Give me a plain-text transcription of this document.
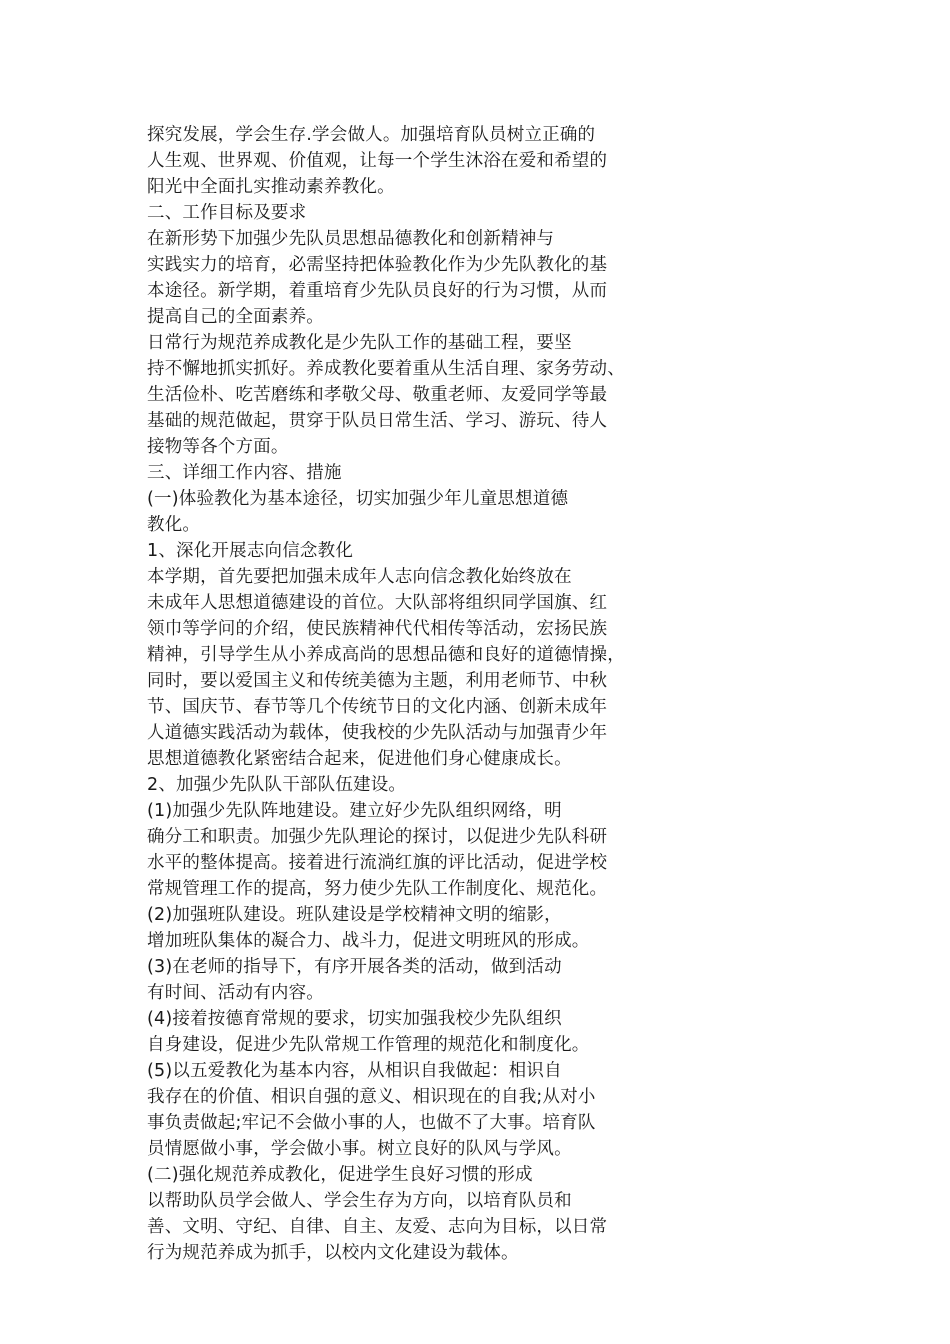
探究发展，学会生存.学会做人。加强培育队员树立正确的
人生观、世界观、价值观，让每一个学生沐浴在爱和希望的
阳光中全面扎实推动素养教化。
二、工作目标及要求
在新形势下加强少先队员思想品德教化和创新精神与
实践实力的培育，必需坚持把体验教化作为少先队教化的基
本途径。新学期，着重培育少先队员良好的行为习惯，从而
提高自己的全面素养。
日常行为规范养成教化是少先队工作的基础工程，要坚
持不懈地抓实抓好。养成教化要着重从生活自理、家务劳动、
生活俭朴、吃苦磨练和孝敬父母、敬重老师、友爱同学等最
基础的规范做起，贯穿于队员日常生活、学习、游玩、待人
接物等各个方面。
三、详细工作内容、措施
(一)体验教化为基本途径，切实加强少年儿童思想道德
教化。
1、深化开展志向信念教化
本学期，首先要把加强未成年人志向信念教化始终放在
未成年人思想道德建设的首位。大队部将组织同学国旗、红
领巾等学问的介绍，使民族精神代代相传等活动，宏扬民族
精神，引导学生从小养成高尚的思想品德和良好的道德情操，
同时，要以爱国主义和传统美德为主题，利用老师节、中秋
节、国庆节、春节等几个传统节日的文化内涵、创新未成年
人道德实践活动为载体，使我校的少先队活动与加强青少年
思想道德教化紧密结合起来，促进他们身心健康成长。
2、加强少先队队干部队伍建设。
(1)加强少先队阵地建设。建立好少先队组织网络，明
确分工和职责。加强少先队理论的探讨，以促进少先队科研
水平的整体提高。接着进行流淌红旗的评比活动，促进学校
常规管理工作的提高，努力使少先队工作制度化、规范化。
(2)加强班队建设。班队建设是学校精神文明的缩影，
增加班队集体的凝合力、战斗力，促进文明班风的形成。
(3)在老师的指导下，有序开展各类的活动，做到活动
有时间、活动有内容。
(4)接着按德育常规的要求，切实加强我校少先队组织
自身建设，促进少先队常规工作管理的规范化和制度化。
(5)以五爱教化为基本内容，从相识自我做起：相识自
我存在的价值、相识自强的意义、相识现在的自我;从对小
事负责做起;牢记不会做小事的人，也做不了大事。培育队
员情愿做小事，学会做小事。树立良好的队风与学风。
(二)强化规范养成教化，促进学生良好习惯的形成
以帮助队员学会做人、学会生存为方向，以培育队员和
善、文明、守纪、自律、自主、友爱、志向为目标，以日常
行为规范养成为抓手，以校内文化建设为载体。
